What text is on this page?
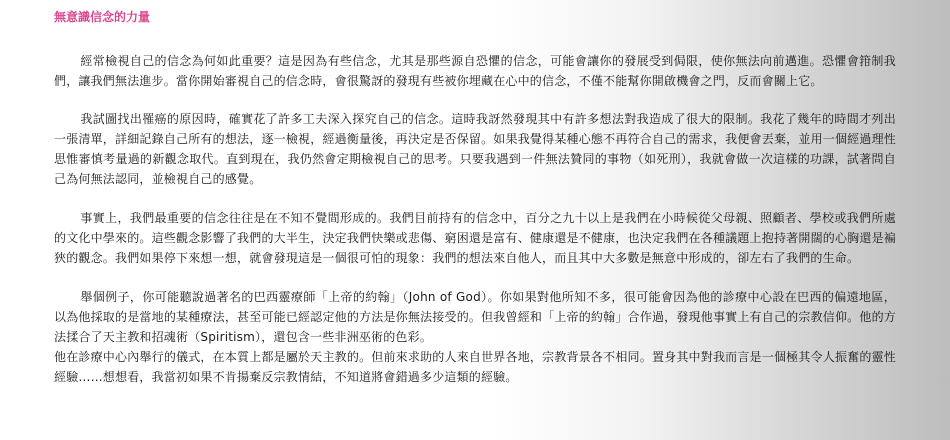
無意識信念的力量

經常檢視自己的信念為何如此重要？這是因為有些信念，尤其是那些源自恐懼的信念，可能會讓你的發展受到侷限，使你無法向前邁進。恐懼會箝制我們，讓我們無法進步。當你開始審視自己的信念時，會很驚訝的發現有些被你埋藏在心中的信念，不僅不能幫你開啟機會之門，反而會關上它。

我試圖找出罹癌的原因時，確實花了許多工夫深入探究自己的信念。這時我訝然發現其中有許多想法對我造成了很大的限制。我花了幾年的時間才列出一張清單，詳細記錄自己所有的想法，逐一檢視，經過衡量後，再決定是否保留。如果我覺得某種心態不再符合自己的需求，我便會丟棄，並用一個經過理性思惟審慎考量過的新觀念取代。直到現在，我仍然會定期檢視自己的思考。只要我遇到一件無法贊同的事物（如死刑），我就會做一次這樣的功課，試著問自己為何無法認同，並檢視自己的感覺。

事實上，我們最重要的信念往往是在不知不覺間形成的。我們目前持有的信念中，百分之九十以上是我們在小時候從父母親、照顧者、學校或我們所處的文化中學來的。這些觀念影響了我們的大半生，決定我們快樂或悲傷、窮困還是富有、健康還是不健康，也決定我們在各種議題上抱持著開闊的心胸還是褊狹的觀念。我們如果停下來想一想，就會發現這是一個很可怕的現象：我們的想法來自他人，而且其中大多數是無意中形成的，卻左右了我們的生命。

舉個例子，你可能聽說過著名的巴西靈療師「上帝的約翰」（John of God）。你如果對他所知不多，很可能會因為他的診療中心設在巴西的偏遠地區，以為他採取的是當地的某種療法，甚至可能已經認定他的方法是你無法接受的。但我曾經和「上帝的約翰」合作過，發現他事實上有自己的宗教信仰。他的方法揉合了天主教和招魂術（Spiritism），還包含一些非洲巫術的色彩。

他在診療中心內舉行的儀式，在本質上都是屬於天主教的。但前來求助的人來自世界各地，宗教背景各不相同。置身其中對我而言是一個極其令人振奮的靈性經驗……想想看，我當初如果不肯揚棄反宗教情結，不知道將會錯過多少這類的經驗。
